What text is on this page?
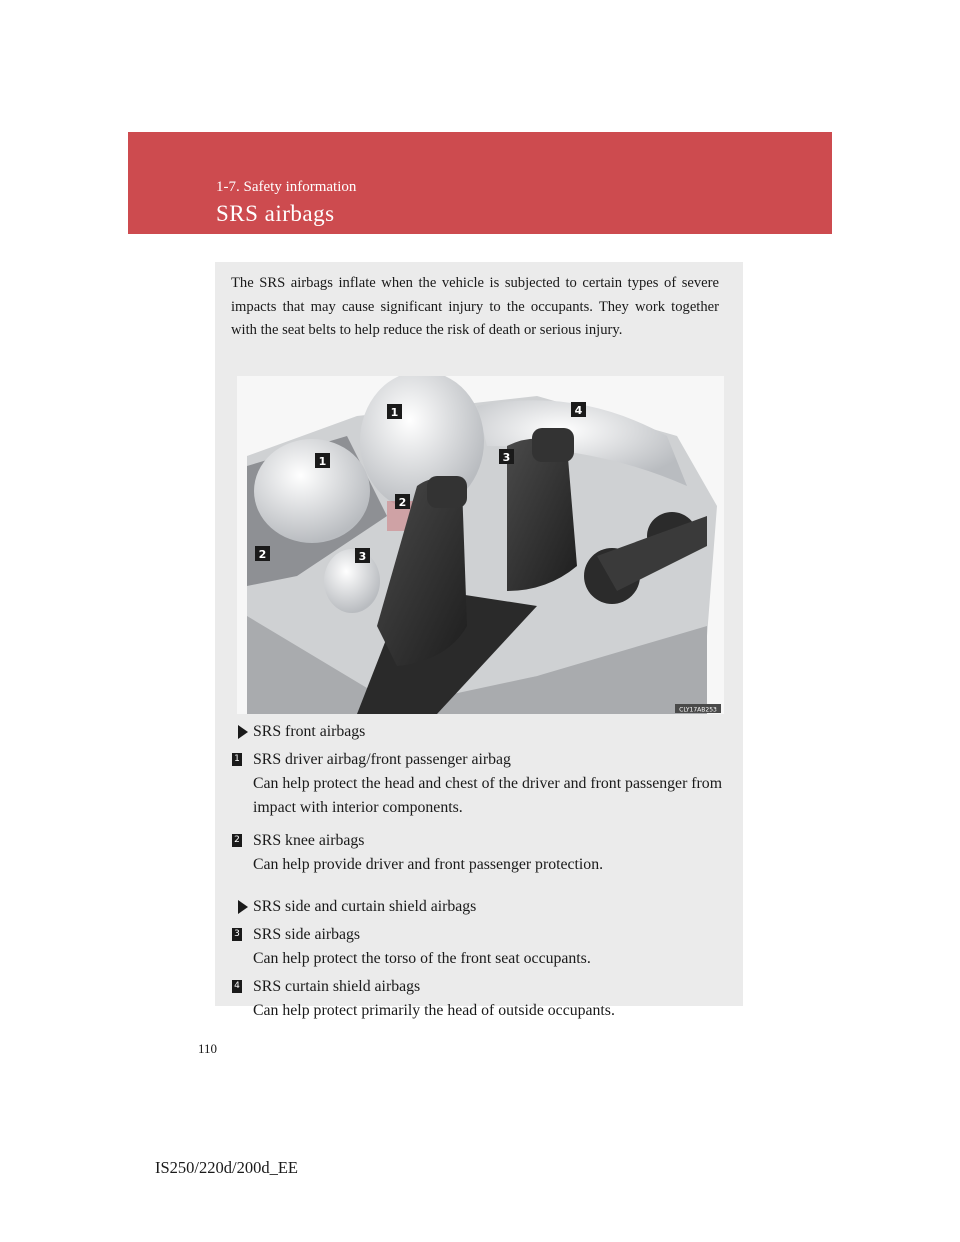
1-7. Safety information
SRS airbags
The SRS airbags inflate when the vehicle is subjected to certain types of severe impacts that may cause significant injury to the occupants. They work together with the seat belts to help reduce the risk of death or serious injury.
1
1
2
2
3
3
4
CLY17AB253
SRS front airbags
1 SRS driver airbag/front passenger airbag
Can help protect the head and chest of the driver and front passenger from impact with interior components.
2 SRS knee airbags
Can help provide driver and front passenger protection.
SRS side and curtain shield airbags
3 SRS side airbags
Can help protect the torso of the front seat occupants.
4 SRS curtain shield airbags
Can help protect primarily the head of outside occupants.
110
IS250/220d/200d_EE
